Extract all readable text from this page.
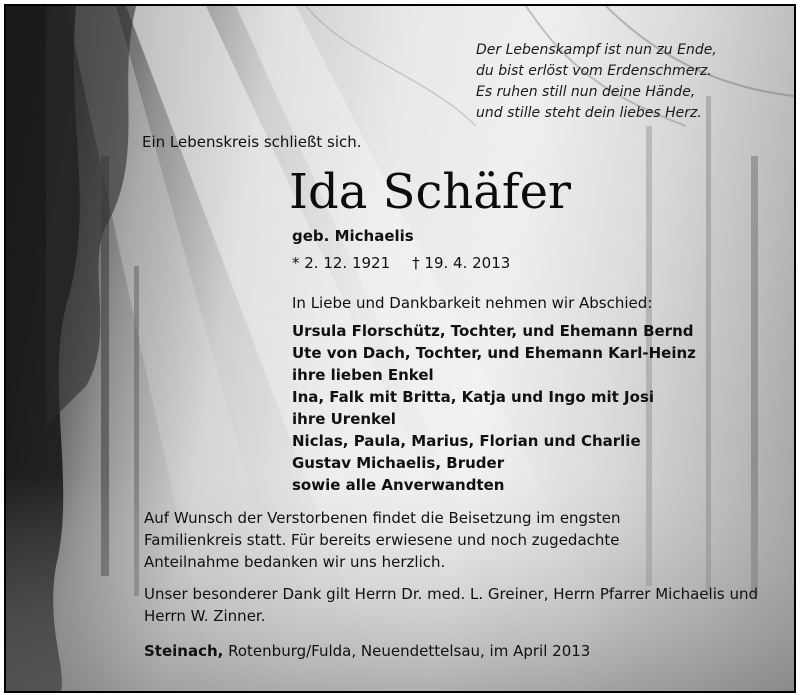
Der Lebenskampf ist nun zu Ende,
du bist erlöst vom Erdenschmerz.
Es ruhen still nun deine Hände,
und stille steht dein liebes Herz.
Ein Lebenskreis schließt sich.
Ida Schäfer
geb. Michaelis
* 2. 12. 1921 † 19. 4. 2013
In Liebe und Dankbarkeit nehmen wir Abschied:
Ursula Florschütz, Tochter, und Ehemann Bernd
Ute von Dach, Tochter, und Ehemann Karl-Heinz
ihre lieben Enkel
Ina, Falk mit Britta, Katja und Ingo mit Josi
ihre Urenkel
Niclas, Paula, Marius, Florian und Charlie
Gustav Michaelis, Bruder
sowie alle Anverwandten
Auf Wunsch der Verstorbenen findet die Beisetzung im engsten Familienkreis statt. Für bereits erwiesene und noch zugedachte Anteilnahme bedanken wir uns herzlich.
Unser besonderer Dank gilt Herrn Dr. med. L. Greiner, Herrn Pfarrer Michaelis und Herrn W. Zinner.
Steinach, Rotenburg/Fulda, Neuendettelsau, im April 2013
